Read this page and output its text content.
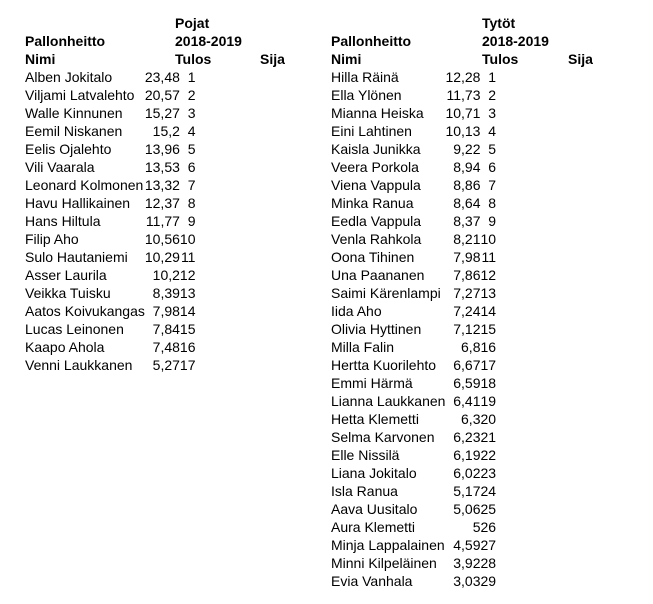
Pojat
Pallonheitto	2018-2019
Nimi	Tulos	Sija
Alben Jokitalo	23,48	1
Viljami Latvalehto	20,57	2
Walle Kinnunen	15,27	3
Eemil Niskanen	15,2	4
Eelis Ojalehto	13,96	5
Vili Vaarala	13,53	6
Leonard Kolmonen	13,32	7
Havu Hallikainen	12,37	8
Hans Hiltula	11,77	9
Filip Aho	10,56	10
Sulo Hautaniemi	10,29	11
Asser Laurila	10,2	12
Veikka Tuisku	8,39	13
Aatos Koivukangas	7,98	14
Lucas Leinonen	7,84	15
Kaapo Ahola	7,48	16
Venni Laukkanen	5,27	17
Tytöt
Pallonheitto	2018-2019
Nimi	Tulos	Sija
Hilla Räinä	12,28	1
Ella Ylönen	11,73	2
Mianna Heiska	10,71	3
Eini Lahtinen	10,13	4
Kaisla Junikka	9,22	5
Veera Porkola	8,94	6
Viena Vappula	8,86	7
Minka Ranua	8,64	8
Eedla Vappula	8,37	9
Venla Rahkola	8,21	10
Oona Tihinen	7,98	11
Una Paananen	7,86	12
Saimi Kärenlampi	7,27	13
Iida Aho	7,24	14
Olivia Hyttinen	7,12	15
Milla Falin	6,8	16
Hertta Kuorilehto	6,67	17
Emmi Härmä	6,59	18
Lianna Laukkanen	6,41	19
Hetta Klemetti	6,3	20
Selma Karvonen	6,23	21
Elle Nissilä	6,19	22
Liana Jokitalo	6,02	23
Isla Ranua	5,17	24
Aava Uusitalo	5,06	25
Aura Klemetti	5	26
Minja Lappalainen	4,59	27
Minni Kilpeläinen	3,92	28
Evia Vanhala	3,03	29
